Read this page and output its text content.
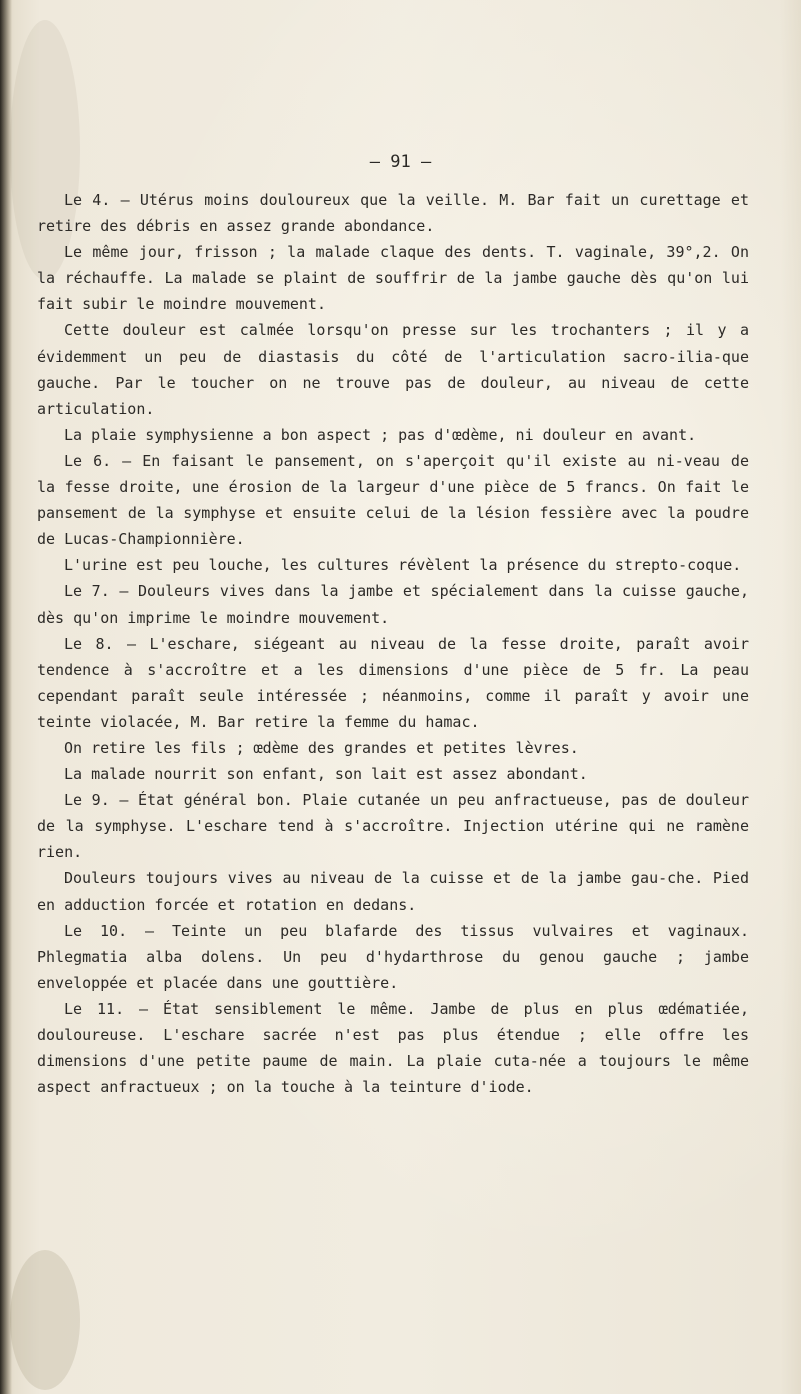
— 91 —

Le 4. — Utérus moins douloureux que la veille. M. Bar fait un curettage et retire des débris en assez grande abondance.

Le même jour, frisson ; la malade claque des dents. T. vaginale, 39°,2. On la réchauffe. La malade se plaint de souffrir de la jambe gauche dès qu'on lui fait subir le moindre mouvement.

Cette douleur est calmée lorsqu'on presse sur les trochanters ; il y a évidemment un peu de diastasis du côté de l'articulation sacro-ilia-que gauche. Par le toucher on ne trouve pas de douleur, au niveau de cette articulation.

La plaie symphysienne a bon aspect ; pas d'œdème, ni douleur en avant.

Le 6. — En faisant le pansement, on s'aperçoit qu'il existe au ni-veau de la fesse droite, une érosion de la largeur d'une pièce de 5 francs. On fait le pansement de la symphyse et ensuite celui de la lésion fessière avec la poudre de Lucas-Championnière.

L'urine est peu louche, les cultures révèlent la présence du strepto-coque.

Le 7. — Douleurs vives dans la jambe et spécialement dans la cuisse gauche, dès qu'on imprime le moindre mouvement.

Le 8. — L'eschare, siégeant au niveau de la fesse droite, paraît avoir tendence à s'accroître et a les dimensions d'une pièce de 5 fr. La peau cependant paraît seule intéressée ; néanmoins, comme il paraît y avoir une teinte violacée, M. Bar retire la femme du hamac.

On retire les fils ; œdème des grandes et petites lèvres.

La malade nourrit son enfant, son lait est assez abondant.

Le 9. — État général bon. Plaie cutanée un peu anfractueuse, pas de douleur de la symphyse. L'eschare tend à s'accroître. Injection utérine qui ne ramène rien.

Douleurs toujours vives au niveau de la cuisse et de la jambe gau-che. Pied en adduction forcée et rotation en dedans.

Le 10. — Teinte un peu blafarde des tissus vulvaires et vaginaux. Phlegmatia alba dolens. Un peu d'hydarthrose du genou gauche ; jambe enveloppée et placée dans une gouttière.

Le 11. — État sensiblement le même. Jambe de plus en plus œdématiée, douloureuse. L'eschare sacrée n'est pas plus étendue ; elle offre les dimensions d'une petite paume de main. La plaie cuta-née a toujours le même aspect anfractueux ; on la touche à la teinture d'iode.
